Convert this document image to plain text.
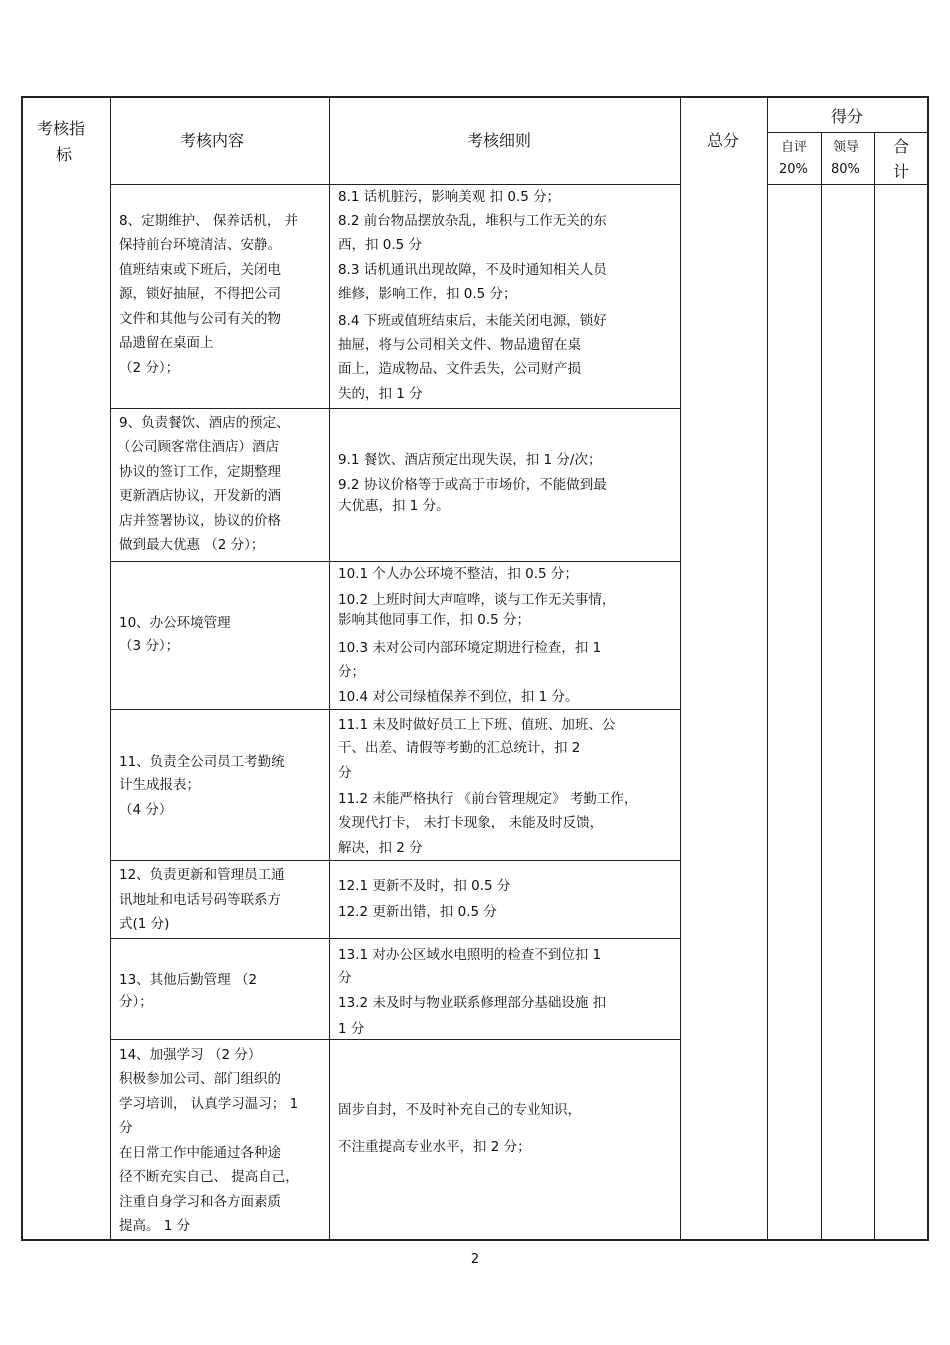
考核指
标
考核内容	考核细则	总分
得分
自评
20%
领导
80%
合
计
8、定期维护、 保养话机， 并
保持前台环境清洁、安静。
值班结束或下班后，关闭电
源，锁好抽屉，不得把公司
文件和其他与公司有关的物
品遗留在桌面上
（2 分）；
8.1 话机脏污，影响美观 扣 0.5 分；
8.2 前台物品摆放杂乱，堆积与工作无关的东
西，扣 0.5 分
8.3 话机通讯出现故障，不及时通知相关人员
维修，影响工作，扣 0.5 分；
8.4 下班或值班结束后，未能关闭电源，锁好
抽屉，将与公司相关文件、物品遗留在桌
面上，造成物品、文件丢失，公司财产损
失的，扣 1 分
9、负责餐饮、酒店的预定、
（公司顾客常住酒店）酒店
协议的签订工作，定期整理
更新酒店协议，开发新的酒
店并签署协议，协议的价格
做到最大优惠 （2 分）；
9.1 餐饮、酒店预定出现失误，扣 1 分/次；
9.2 协议价格等于或高于市场价，不能做到最
大优惠，扣 1 分。
10、办公环境管理
（3 分）；
10.1 个人办公环境不整洁，扣 0.5 分；
10.2 上班时间大声喧哗，谈与工作无关事情，
影响其他同事工作，扣 0.5 分；
10.3 未对公司内部环境定期进行检查，扣 1
分；
10.4 对公司绿植保养不到位，扣 1 分。
11、负责全公司员工考勤统
计生成报表；
（4 分）
11.1 未及时做好员工上下班、值班、加班、公
干、出差、请假等考勤的汇总统计，扣 2
分
11.2 未能严格执行 《前台管理规定》 考勤工作，
发现代打卡， 未打卡现象， 未能及时反馈，
解决，扣 2 分
12、负责更新和管理员工通
讯地址和电话号码等联系方
式(1 分)
12.1 更新不及时，扣 0.5 分
12.2 更新出错，扣 0.5 分
13、其他后勤管理 （2
分）；
13.1 对办公区域水电照明的检查不到位扣 1
分
13.2 未及时与物业联系修理部分基础设施 扣
1 分
14、加强学习 （2 分）
积极参加公司、部门组织的
学习培训， 认真学习温习； 1
分
在日常工作中能通过各种途
径不断充实自己、 提高自己，
注重自身学习和各方面素质
提高。 1 分
固步自封，不及时补充自己的专业知识，
不注重提高专业水平，扣 2 分；
2
